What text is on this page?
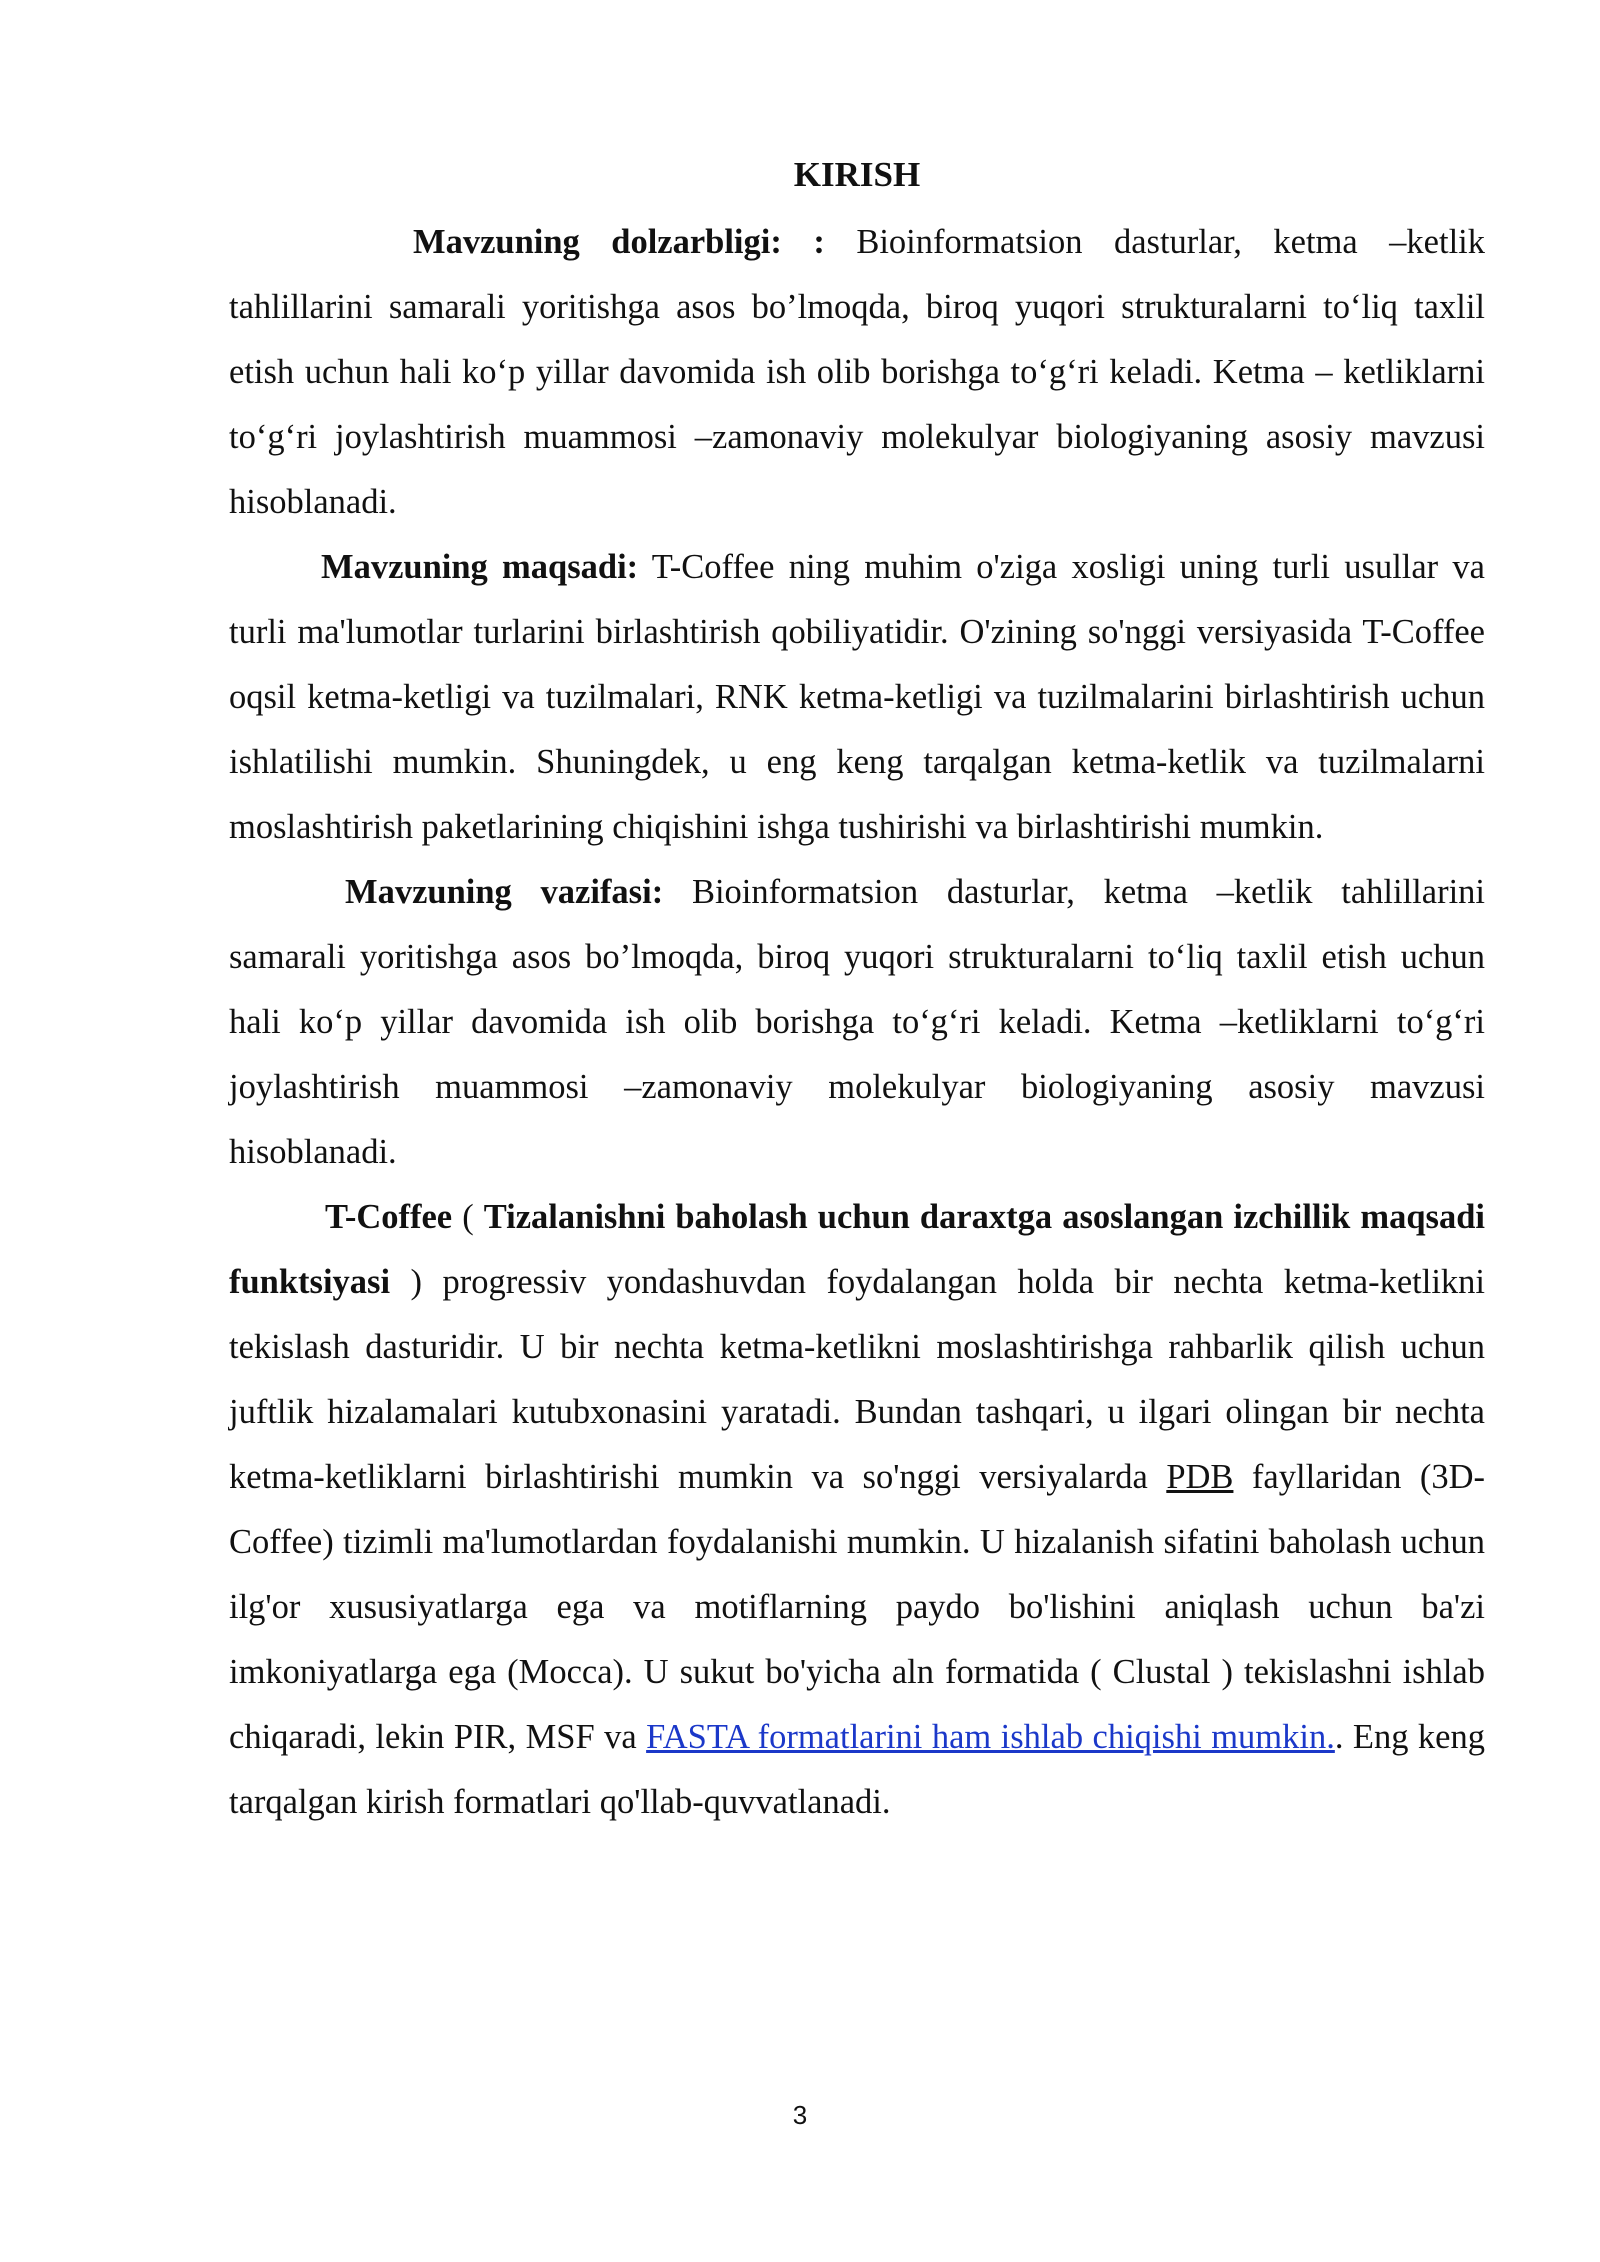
KIRISH

Mavzuning dolzarbligi: : Bioinformatsion dasturlar, ketma –ketlik tahlillarini samarali yoritishga asos bo’lmoqda, biroq yuqori strukturalarni to‘liq taxlil etish uchun hali ko‘p yillar davomida ish olib borishga to‘g‘ri keladi. Ketma – ketliklarni to‘g‘ri joylashtirish muammosi –zamonaviy molekulyar biologiyaning asosiy mavzusi hisoblanadi.

Mavzuning maqsadi: T-Coffee ning muhim o'ziga xosligi uning turli usullar va turli ma'lumotlar turlarini birlashtirish qobiliyatidir. O'zining so'nggi versiyasida T-Coffee oqsil ketma-ketligi va tuzilmalari, RNK ketma-ketligi va tuzilmalarini birlashtirish uchun ishlatilishi mumkin. Shuningdek, u eng keng tarqalgan ketma-ketlik va tuzilmalarni moslashtirish paketlarining chiqishini ishga tushirishi va birlashtirishi mumkin.

Mavzuning vazifasi: Bioinformatsion dasturlar, ketma –ketlik tahlillarini samarali yoritishga asos bo’lmoqda, biroq yuqori strukturalarni to‘liq taxlil etish uchun hali ko‘p yillar davomida ish olib borishga to‘g‘ri keladi. Ketma –ketliklarni to‘g‘ri joylashtirish muammosi –zamonaviy molekulyar biologiyaning asosiy mavzusi hisoblanadi.

T-Coffee ( Tizalanishni baholash uchun daraxtga asoslangan izchillik maqsadi funktsiyasi ) progressiv yondashuvdan foydalangan holda bir nechta ketma-ketlikni tekislash dasturidir. U bir nechta ketma-ketlikni moslashtirishga rahbarlik qilish uchun juftlik hizalamalari kutubxonasini yaratadi. Bundan tashqari, u ilgari olingan bir nechta ketma-ketliklarni birlashtirishi mumkin va so'nggi versiyalarda PDB fayllaridan (3D-Coffee) tizimli ma'lumotlardan foydalanishi mumkin. U hizalanish sifatini baholash uchun ilg'or xususiyatlarga ega va motiflarning paydo bo'lishini aniqlash uchun ba'zi imkoniyatlarga ega (Mocca). U sukut bo'yicha aln formatida ( Clustal ) tekislashni ishlab chiqaradi, lekin PIR, MSF va FASTA formatlarini ham ishlab chiqishi mumkin.. Eng keng tarqalgan kirish formatlari qo'llab-quvvatlanadi.

3
